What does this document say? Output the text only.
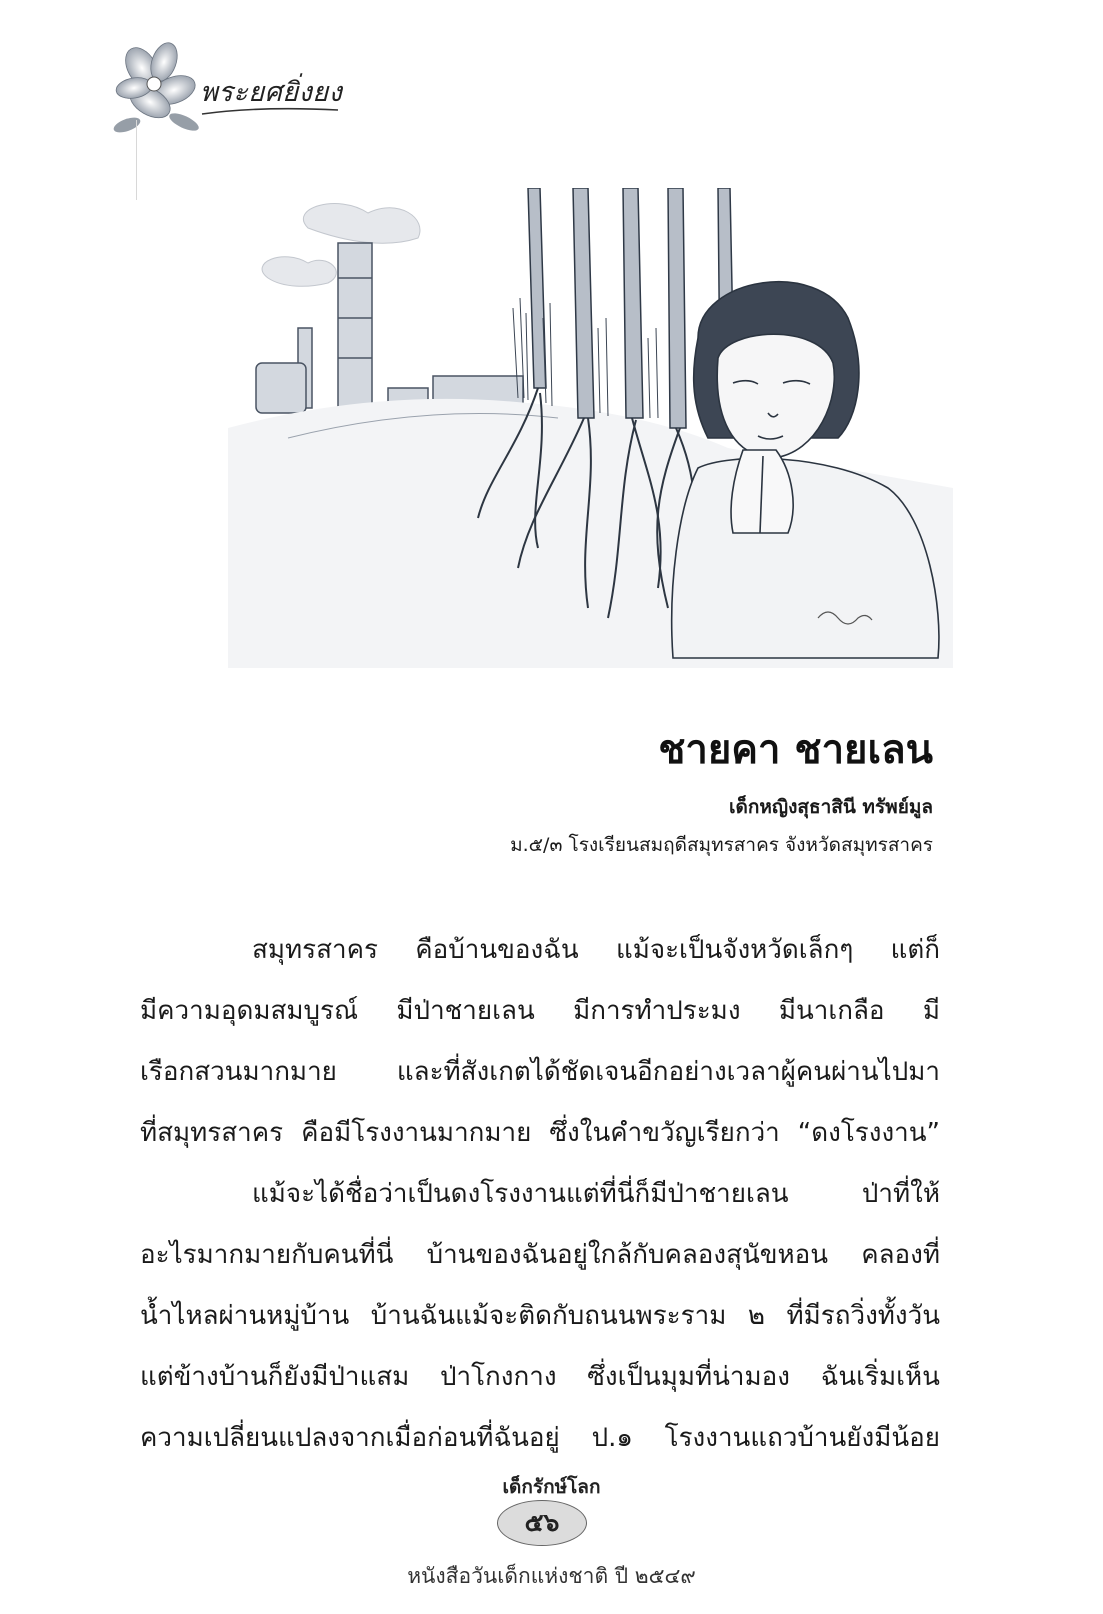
พระยศยิ่งยง
ชายคา ชายเลน
เด็กหญิงสุธาสินี ทรัพย์มูล
ม.๕/๓ โรงเรียนสมฤดีสมุทรสาคร จังหวัดสมุทรสาคร
สมุทรสาคร คือบ้านของฉัน แม้จะเป็นจังหวัดเล็กๆ แต่ก็
มีความอุดมสมบูรณ์ มีป่าชายเลน มีการทำประมง มีนาเกลือ มี
เรือกสวนมากมาย และที่สังเกตได้ชัดเจนอีกอย่างเวลาผู้คนผ่านไปมา
ที่สมุทรสาคร คือมีโรงงานมากมาย ซึ่งในคำขวัญเรียกว่า “ดงโรงงาน”
แม้จะได้ชื่อว่าเป็นดงโรงงานแต่ที่นี่ก็มีป่าชายเลน	ป่าที่ให้
อะไรมากมายกับคนที่นี่ บ้านของฉันอยู่ใกล้กับคลองสุนัขหอน คลองที่
น้ำไหลผ่านหมู่บ้าน บ้านฉันแม้จะติดกับถนนพระราม ๒ ที่มีรถวิ่งทั้งวัน
แต่ข้างบ้านก็ยังมีป่าแสม ป่าโกงกาง ซึ่งเป็นมุมที่น่ามอง ฉันเริ่มเห็น
ความเปลี่ยนแปลงจากเมื่อก่อนที่ฉันอยู่ ป.๑ โรงงานแถวบ้านยังมีน้อย
เด็กรักษ์โลก
๕๖
หนังสือวันเด็กแห่งชาติ ปี ๒๕๔๙
